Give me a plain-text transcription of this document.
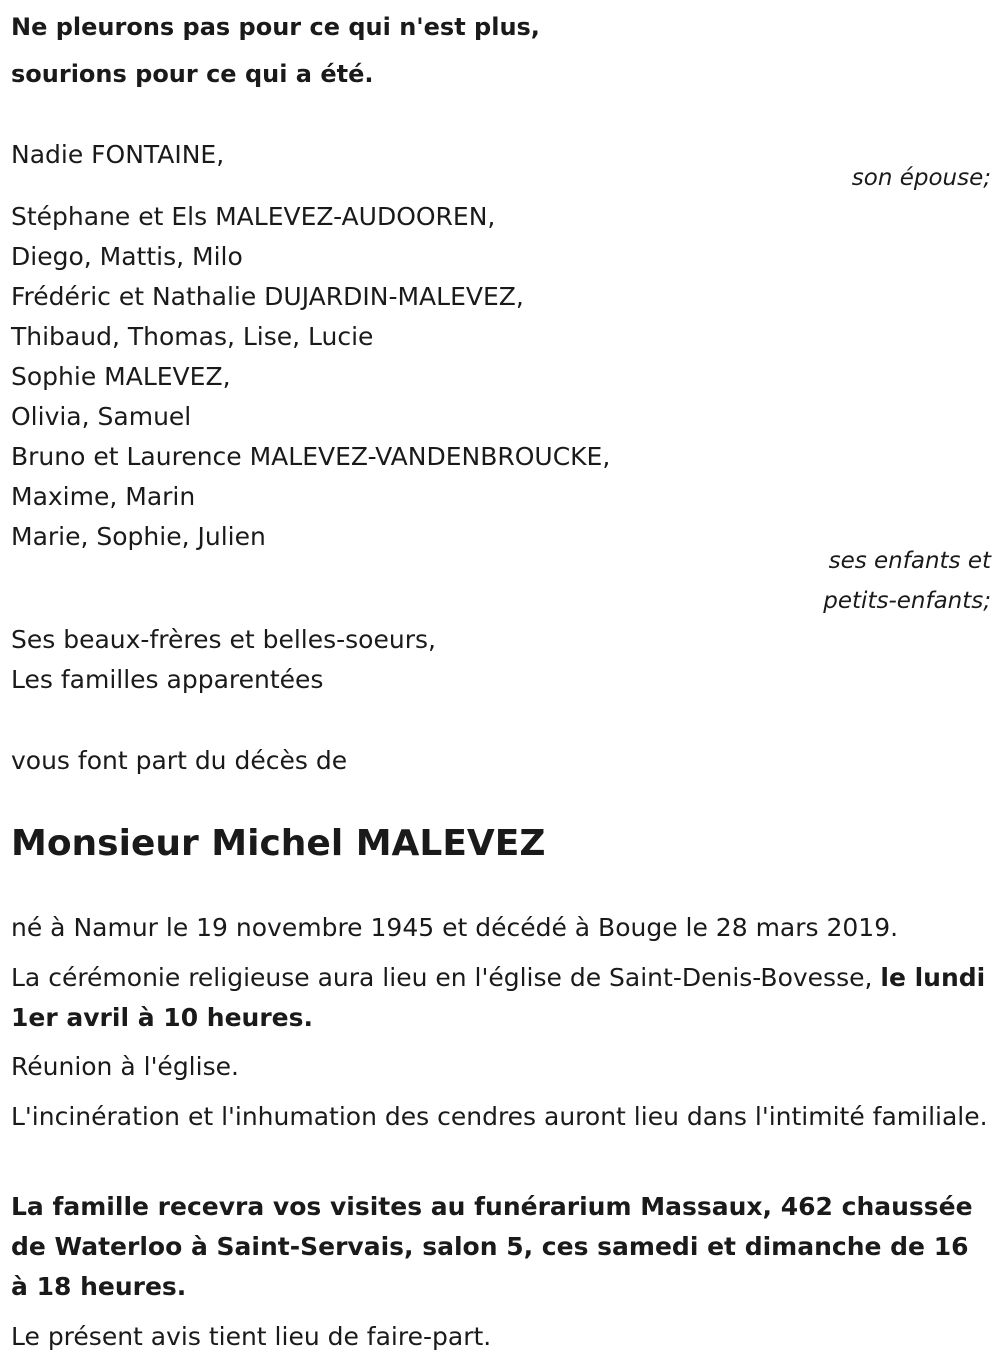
Ne pleurons pas pour ce qui n'est plus,
sourions pour ce qui a été.
Nadie FONTAINE,
son épouse;
Stéphane et Els MALEVEZ-AUDOOREN,
Diego, Mattis, Milo
Frédéric et Nathalie DUJARDIN-MALEVEZ,
Thibaud, Thomas, Lise, Lucie
Sophie MALEVEZ,
Olivia, Samuel
Bruno et Laurence MALEVEZ-VANDENBROUCKE,
Maxime, Marin
Marie, Sophie, Julien
ses enfants et
petits-enfants;
Ses beaux-frères et belles-soeurs,
Les familles apparentées
vous font part du décès de
Monsieur Michel MALEVEZ
né à Namur le 19 novembre 1945 et décédé à Bouge le 28 mars 2019.
La cérémonie religieuse aura lieu en l'église de Saint-Denis-Bovesse, le lundi 1er avril à 10 heures.
Réunion à l'église.
L'incinération et l'inhumation des cendres auront lieu dans l'intimité familiale.
La famille recevra vos visites au funérarium Massaux, 462 chaussée de Waterloo à Saint-Servais, salon 5, ces samedi et dimanche de 16 à 18 heures.
Le présent avis tient lieu de faire-part.
